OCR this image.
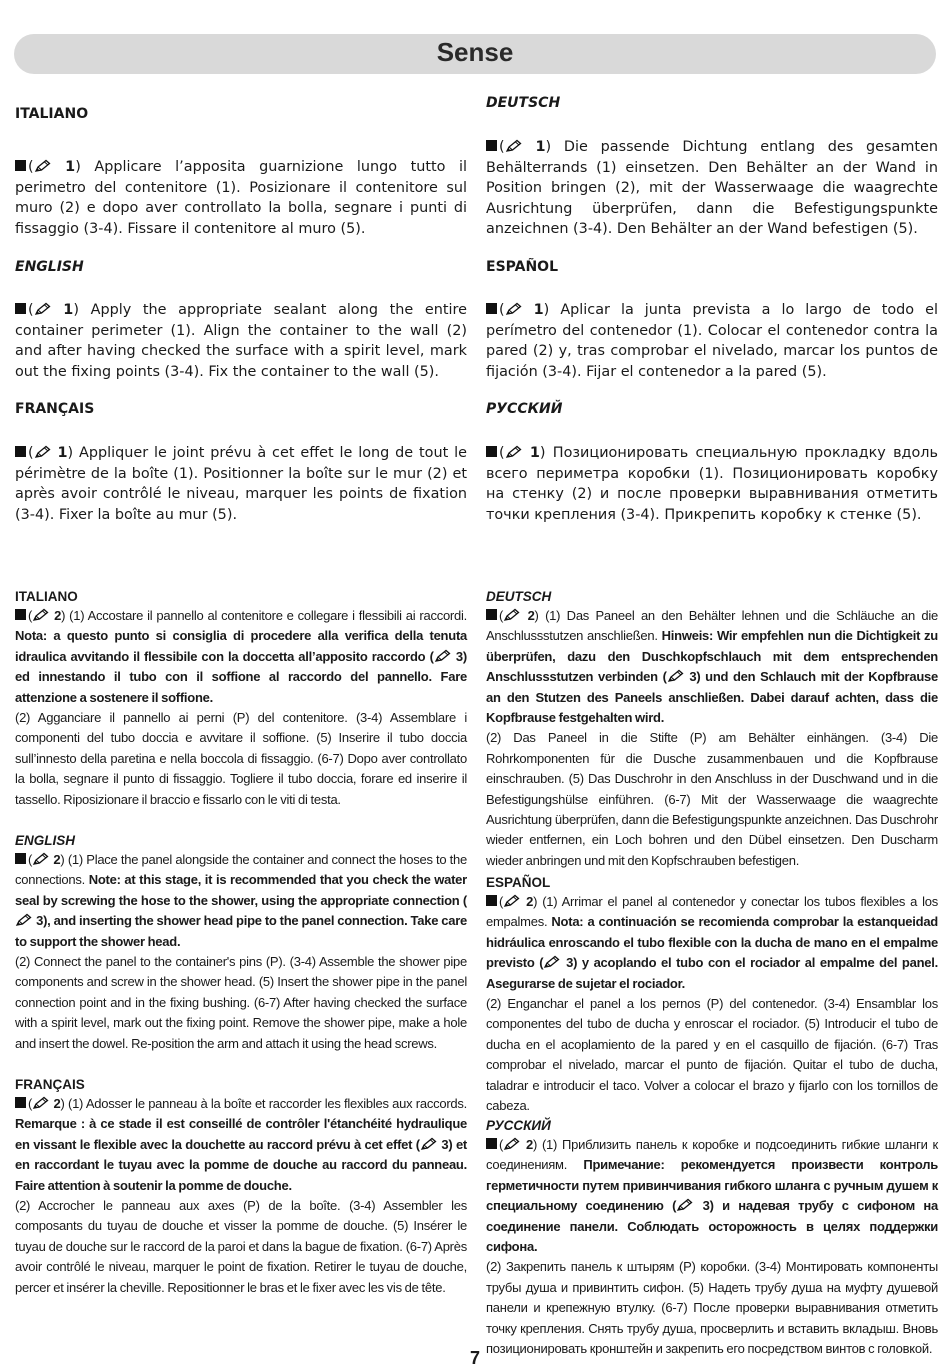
Sense
ITALIANO

( 1) Applicare l’apposita guarnizione lungo tutto il perimetro del contenitore (1). Posizionare il contenitore sul muro (2) e dopo aver controllato la bolla, segnare i punti di fissaggio (3-4). Fissare il contenitore al muro (5).

ENGLISH

( 1) Apply the appropriate sealant along the entire container perimeter (1). Align the container to the wall (2) and after having checked the surface with a spirit level, mark out the fixing points (3-4). Fix the container to the wall (5).

FRANÇAIS

( 1) Appliquer le joint prévu à cet effet le long de tout le périmètre de la boîte (1). Positionner la boîte sur le mur (2) et après avoir contrôlé le niveau, marquer les points de fixation (3-4). Fixer la boîte au mur (5).

DEUTSCH

( 1) Die passende Dichtung entlang des gesamten Behälterrands (1) einsetzen. Den Behälter an der Wand in Position bringen (2), mit der Wasserwaage die waagrechte Ausrichtung überprüfen, dann die Befestigungspunkte anzeichnen (3-4). Den Behälter an der Wand befestigen (5).

ESPAÑOL

( 1) Aplicar la junta prevista a lo largo de todo el perímetro del contenedor (1). Colocar el contenedor contra la pared (2) y, tras comprobar el nivelado, marcar los puntos de fijación (3-4). Fijar el contenedor a la pared (5).

РУССКИЙ

( 1) Позиционировать специальную прокладку вдоль всего периметра коробки (1). Позиционировать коробку на стенку (2) и после проверки выравнивания отметить точки крепления (3-4). Прикрепить коробку к стенке (5).

ITALIANO

( 2) (1) Accostare il pannello al contenitore e collegare i flessibili ai raccordi. Nota: a questo punto si consiglia di procedere alla verifica della tenuta idraulica avvitando il flessibile con la doccetta all’apposito raccordo ( 3) ed innestando il tubo con il soffione al raccordo del pannello. Fare attenzione a sostenere il soffione.

(2) Agganciare il pannello ai perni (P) del contenitore. (3-4) Assemblare i componenti del tubo doccia e avvitare il soffione. (5) Inserire il tubo doccia sull’innesto della paretina e nella boccola di fissaggio. (6-7) Dopo aver controllato la bolla, segnare il punto di fissaggio. Togliere il tubo doccia, forare ed inserire il tassello. Riposizionare il braccio e fissarlo con le viti di testa.

ENGLISH

( 2) (1) Place the panel alongside the container and connect the hoses to the connections. Note: at this stage, it is recommended that you check the water seal by screwing the hose to the shower, using the appropriate connection (
3), and inserting the shower head pipe to the panel connection. Take care to support the shower head.

(2) Connect the panel to the container's pins (P). (3-4) Assemble the shower pipe components and screw in the shower head. (5) Insert the shower pipe in the panel connection point and in the fixing bushing. (6-7) After having checked the surface with a spirit level, mark out the fixing point. Remove the shower pipe, make a hole and insert the dowel. Re-position the arm and attach it using the head screws.

FRANÇAIS

( 2) (1) Adosser le panneau à la boîte et raccorder les flexibles aux raccords. Remarque : à ce stade il est conseillé de contrôler l'étanchéité hydraulique en vissant le flexible avec la douchette au raccord prévu à cet effet ( 3) et en raccordant le tuyau avec la pomme de douche au raccord du panneau. Faire attention à soutenir la pomme de douche.

(2) Accrocher le panneau aux axes (P) de la boîte. (3-4) Assembler les composants du tuyau de douche et visser la pomme de douche. (5) Insérer le tuyau de douche sur le raccord de la paroi et dans la bague de fixation. (6-7) Après avoir contrôlé le niveau, marquer le point de fixation. Retirer le tuyau de douche, percer et insérer la cheville. Repositionner le bras et le fixer avec les vis de tête.

DEUTSCH

( 2) (1) Das Paneel an den Behälter lehnen und die Schläuche an die Anschlussstutzen anschließen. Hinweis: Wir empfehlen nun die Dichtigkeit zu überprüfen, dazu den Duschkopfschlauch mit dem entsprechenden Anschlussstutzen verbinden ( 3) und den Schlauch mit der Kopfbrause an den Stutzen des Paneels anschließen. Dabei darauf achten, dass die Kopfbrause festgehalten wird.

(2) Das Paneel in die Stifte (P) am Behälter einhängen. (3-4) Die Rohrkomponenten für die Dusche zusammenbauen und die Kopfbrause einschrauben. (5) Das Duschrohr in den Anschluss in der Duschwand und in die Befestigungshülse einführen. (6-7) Mit der Wasserwaage die waagrechte Ausrichtung überprüfen, dann die Befestigungspunkte anzeichnen. Das Duschrohr wieder entfernen, ein Loch bohren und den Dübel einsetzen. Den Duscharm wieder anbringen und mit den Kopfschrauben befestigen.

ESPAÑOL

( 2) (1) Arrimar el panel al contenedor y conectar los tubos flexibles a los empalmes. Nota: a continuación se recomienda comprobar la estanqueidad hidráulica enroscando el tubo flexible con la ducha de mano en el empalme previsto ( 3) y acoplando el tubo con el rociador al empalme del panel. Asegurarse de sujetar el rociador.

(2) Enganchar el panel a los pernos (P) del contenedor. (3-4) Ensamblar los componentes del tubo de ducha y enroscar el rociador. (5) Introducir el tubo de ducha en el acoplamiento de la pared y en el casquillo de fijación. (6-7) Tras comprobar el nivelado, marcar el punto de fijación. Quitar el tubo de ducha, taladrar e introducir el taco. Volver a colocar el brazo y fijarlo con los tornillos de cabeza.

РУССКИЙ

( 2) (1) Приблизить панель к коробке и подсоединить гибкие шланги к соединениям. Примечание: рекомендуется произвести контроль герметичности путем привинчивания гибкого шланга с ручным душем к специальному соединению ( 3) и надевая трубу с сифоном на соединение панели. Соблюдать осторожность в целях поддержки сифона.

(2) Закрепить панель к штырям (P) коробки. (3-4) Монтировать компоненты трубы душа и привинтить сифон. (5) Надеть трубу душа на муфту душевой панели и крепежную втулку. (6-7) После проверки выравнивания отметить точку крепления. Снять трубу душа, просверлить и вставить вкладыш. Вновь позиционировать кронштейн и закрепить его посредством винтов с головкой.

7
